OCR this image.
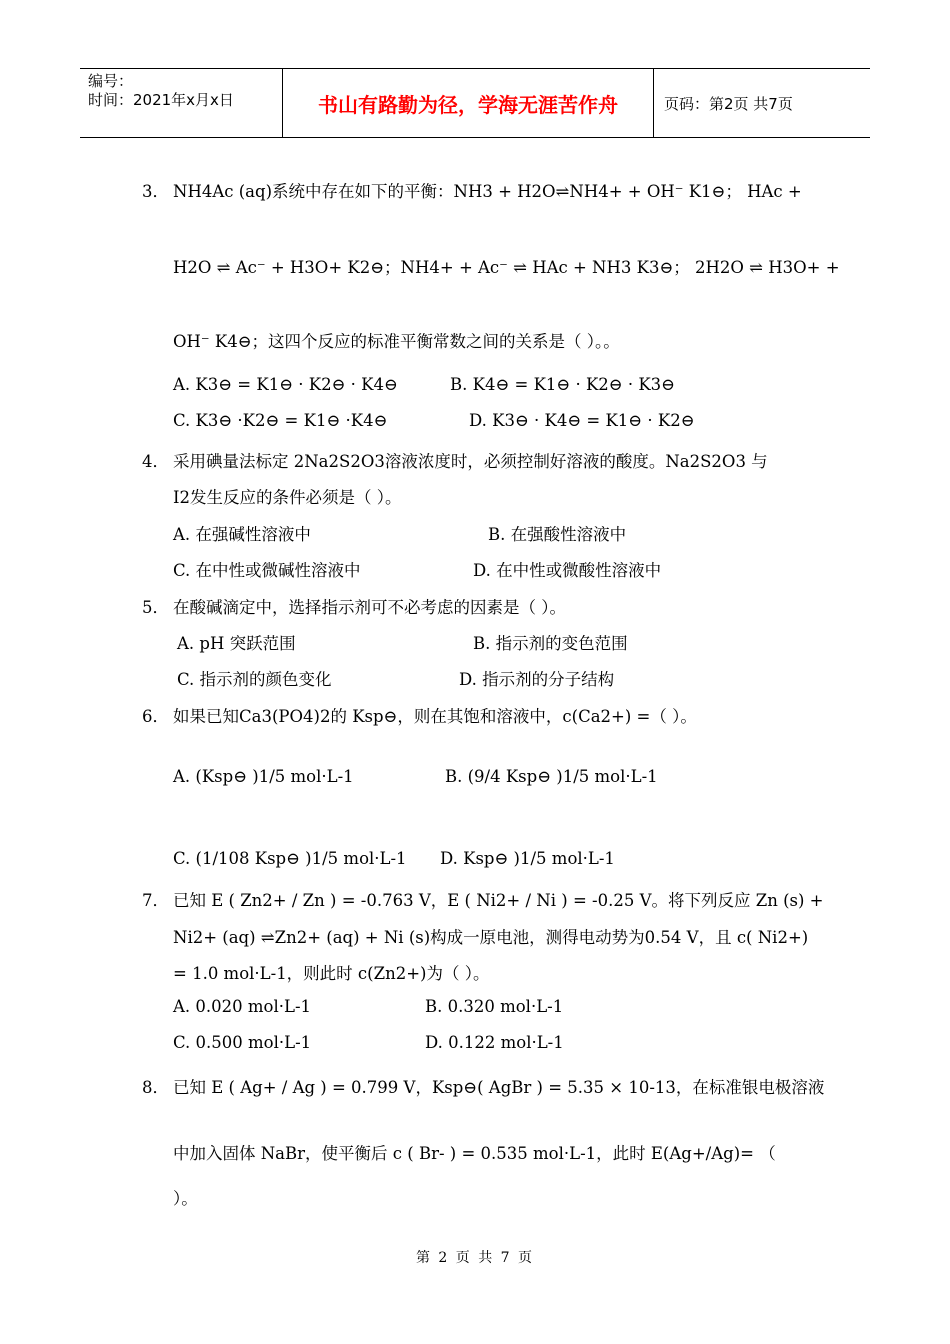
编号：
时间：2021年x月x日	书山有路勤为径，学海无涯苦作舟	页码：第2页 共7页
3． NH4Ac (aq)系统中存在如下的平衡：NH3 + H2O⇌NH4+ + OH⁻ K1⊖； HAc +
H2O ⇌ Ac⁻ + H3O+ K2⊖；NH4+ + Ac⁻ ⇌ HAc + NH3 K3⊖； 2H2O ⇌ H3O+ +
OH⁻ K4⊖；这四个反应的标准平衡常数之间的关系是（ ）。。
A. K3⊖ = K1⊖ · K2⊖ · K4⊖	B. K4⊖ = K1⊖ · K2⊖ · K3⊖
C. K3⊖ ·K2⊖ = K1⊖ ·K4⊖	D. K3⊖ · K4⊖ = K1⊖ · K2⊖
4． 采用碘量法标定 2Na2S2O3溶液浓度时，必须控制好溶液的酸度。Na2S2O3 与
I2发生反应的条件必须是（ ）。
A. 在强碱性溶液中	B. 在强酸性溶液中
C. 在中性或微碱性溶液中	D. 在中性或微酸性溶液中
5． 在酸碱滴定中，选择指示剂可不必考虑的因素是（ ）。
A. pH 突跃范围	B. 指示剂的变色范围
C. 指示剂的颜色变化	D. 指示剂的分子结构
6． 如果已知Ca3(PO4)2的 Ksp⊖，则在其饱和溶液中，c(Ca2+) =（ ）。
A. (Ksp⊖ )1/5 mol·L-1	B. (9/4 Ksp⊖ )1/5 mol·L-1
C. (1/108 Ksp⊖ )1/5 mol·L-1 D. Ksp⊖ )1/5 mol·L-1
7． 已知 E ( Zn2+ / Zn ) = -0.763 V，E ( Ni2+ / Ni ) = -0.25 V。将下列反应 Zn (s) +
Ni2+ (aq) ⇌Zn2+ (aq) + Ni (s)构成一原电池，测得电动势为0.54 V，且 c( Ni2+)
= 1.0 mol·L-1，则此时 c(Zn2+)为（ ）。
A. 0.020 mol·L-1	B. 0.320 mol·L-1
C. 0.500 mol·L-1	D. 0.122 mol·L-1
8． 已知 E ( Ag+ / Ag ) = 0.799 V，Ksp⊖( AgBr ) = 5.35 × 10-13，在标准银电极溶液
中加入固体 NaBr，使平衡后 c ( Br- ) = 0.535 mol·L-1，此时 E(Ag+/Ag)= （
）。
第 2 页 共 7 页
